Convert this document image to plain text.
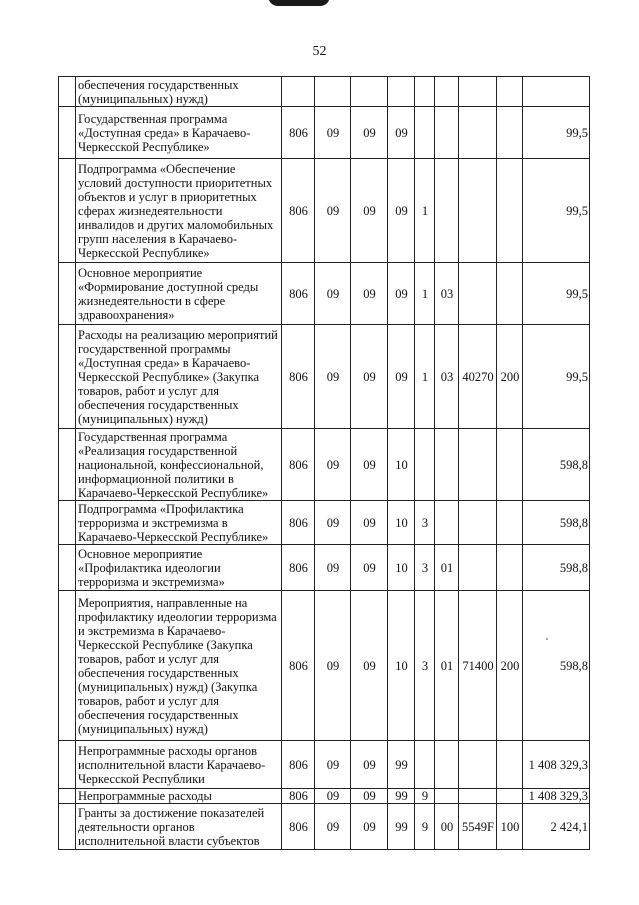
52
	обеспечения государственных (муниципальных) нужд)									
	Государственная программа «Доступная среда» в Карачаево-Черкесской Республике»	806	09	09	09					99,5
	Подпрограмма «Обеспечение условий доступности приоритетных объектов и услуг в приоритетных сферах жизнедеятельности инвалидов и других маломобильных групп населения в Карачаево-Черкесской Республике»	806	09	09	09	1				99,5
	Основное мероприятие «Формирование доступной среды жизнедеятельности в сфере здравоохранения»	806	09	09	09	1	03			99,5
	Расходы на реализацию мероприятий государственной программы «Доступная среда» в Карачаево-Черкесской Республике» (Закупка товаров, работ и услуг для обеспечения государственных (муниципальных) нужд)	806	09	09	09	1	03	40270	200	99,5
	Государственная программа «Реализация государственной национальной, конфессиональной, информационной политики в Карачаево-Черкесской Республике»	806	09	09	10					598,8
	Подпрограмма «Профилактика терроризма и экстремизма в Карачаево-Черкесской Республике»	806	09	09	10	3				598,8
	Основное мероприятие «Профилактика идеологии терроризма и экстремизма»	806	09	09	10	3	01			598,8
	Мероприятия, направленные на профилактику идеологии терроризма и экстремизма в Карачаево-Черкесской Республике (Закупка товаров, работ и услуг для обеспечения государственных (муниципальных) нужд) (Закупка товаров, работ и услуг для обеспечения государственных (муниципальных) нужд)	806	09	09	10	3	01	71400	200	598,8
	Непрограммные расходы органов исполнительной власти Карачаево-Черкесской Республики	806	09	09	99					1 408 329,3
	Непрограммные расходы	806	09	09	99	9				1 408 329,3
	Гранты за достижение показателей деятельности органов исполнительной власти субъектов	806	09	09	99	9	00	5549F	100	2 424,1
